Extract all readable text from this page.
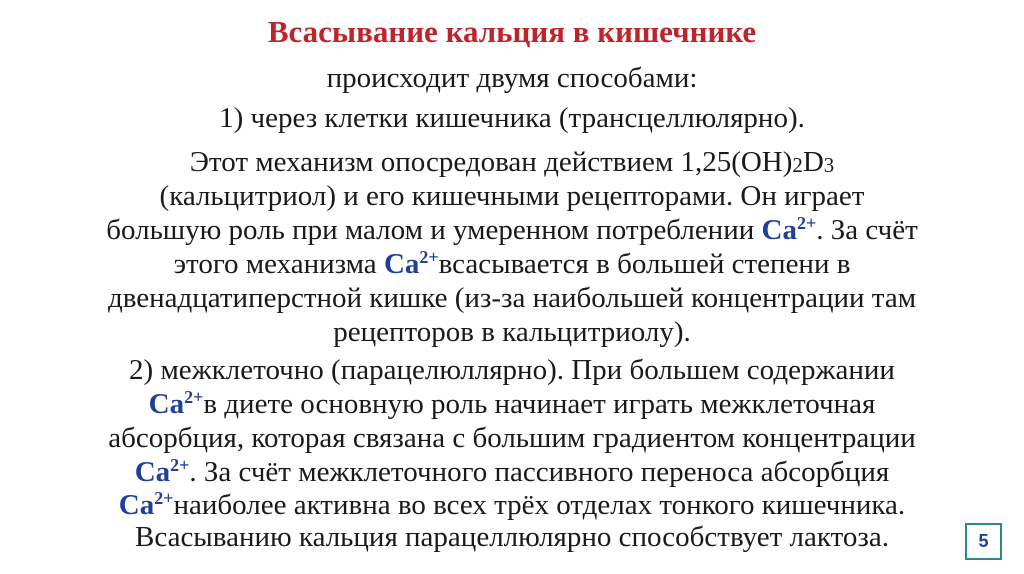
Всасывание кальция в кишечнике
происходит двумя способами:
1) через клетки кишечника (трансцеллюлярно).
Этот механизм опосредован действием 1,25(OH)2D3
(кальцитриол) и его кишечными рецепторами. Он играет
большую роль при малом и умеренном потреблении $Ca^{2+}$. За счёт
этого механизма $Ca^{2+}всасывается$ в большей степени в
двенадцатиперстной кишке (из-за наибольшей концентрации там
рецепторов в кальцитриолу).
2) межклеточно (парацелюллярно). При большем содержании
$Ca^{2+}в$ диете основную роль начинает играть межклеточная
абсорбция, которая связана с большим градиентом концентрации
$Ca^{2+}$. За счёт межклеточного пассивного переноса абсорбция
$Ca^{2+}наиболее$ активна во всех трёх отделах тонкого кишечника.
Всасыванию кальция парацеллюлярно способствует лактоза.	5
